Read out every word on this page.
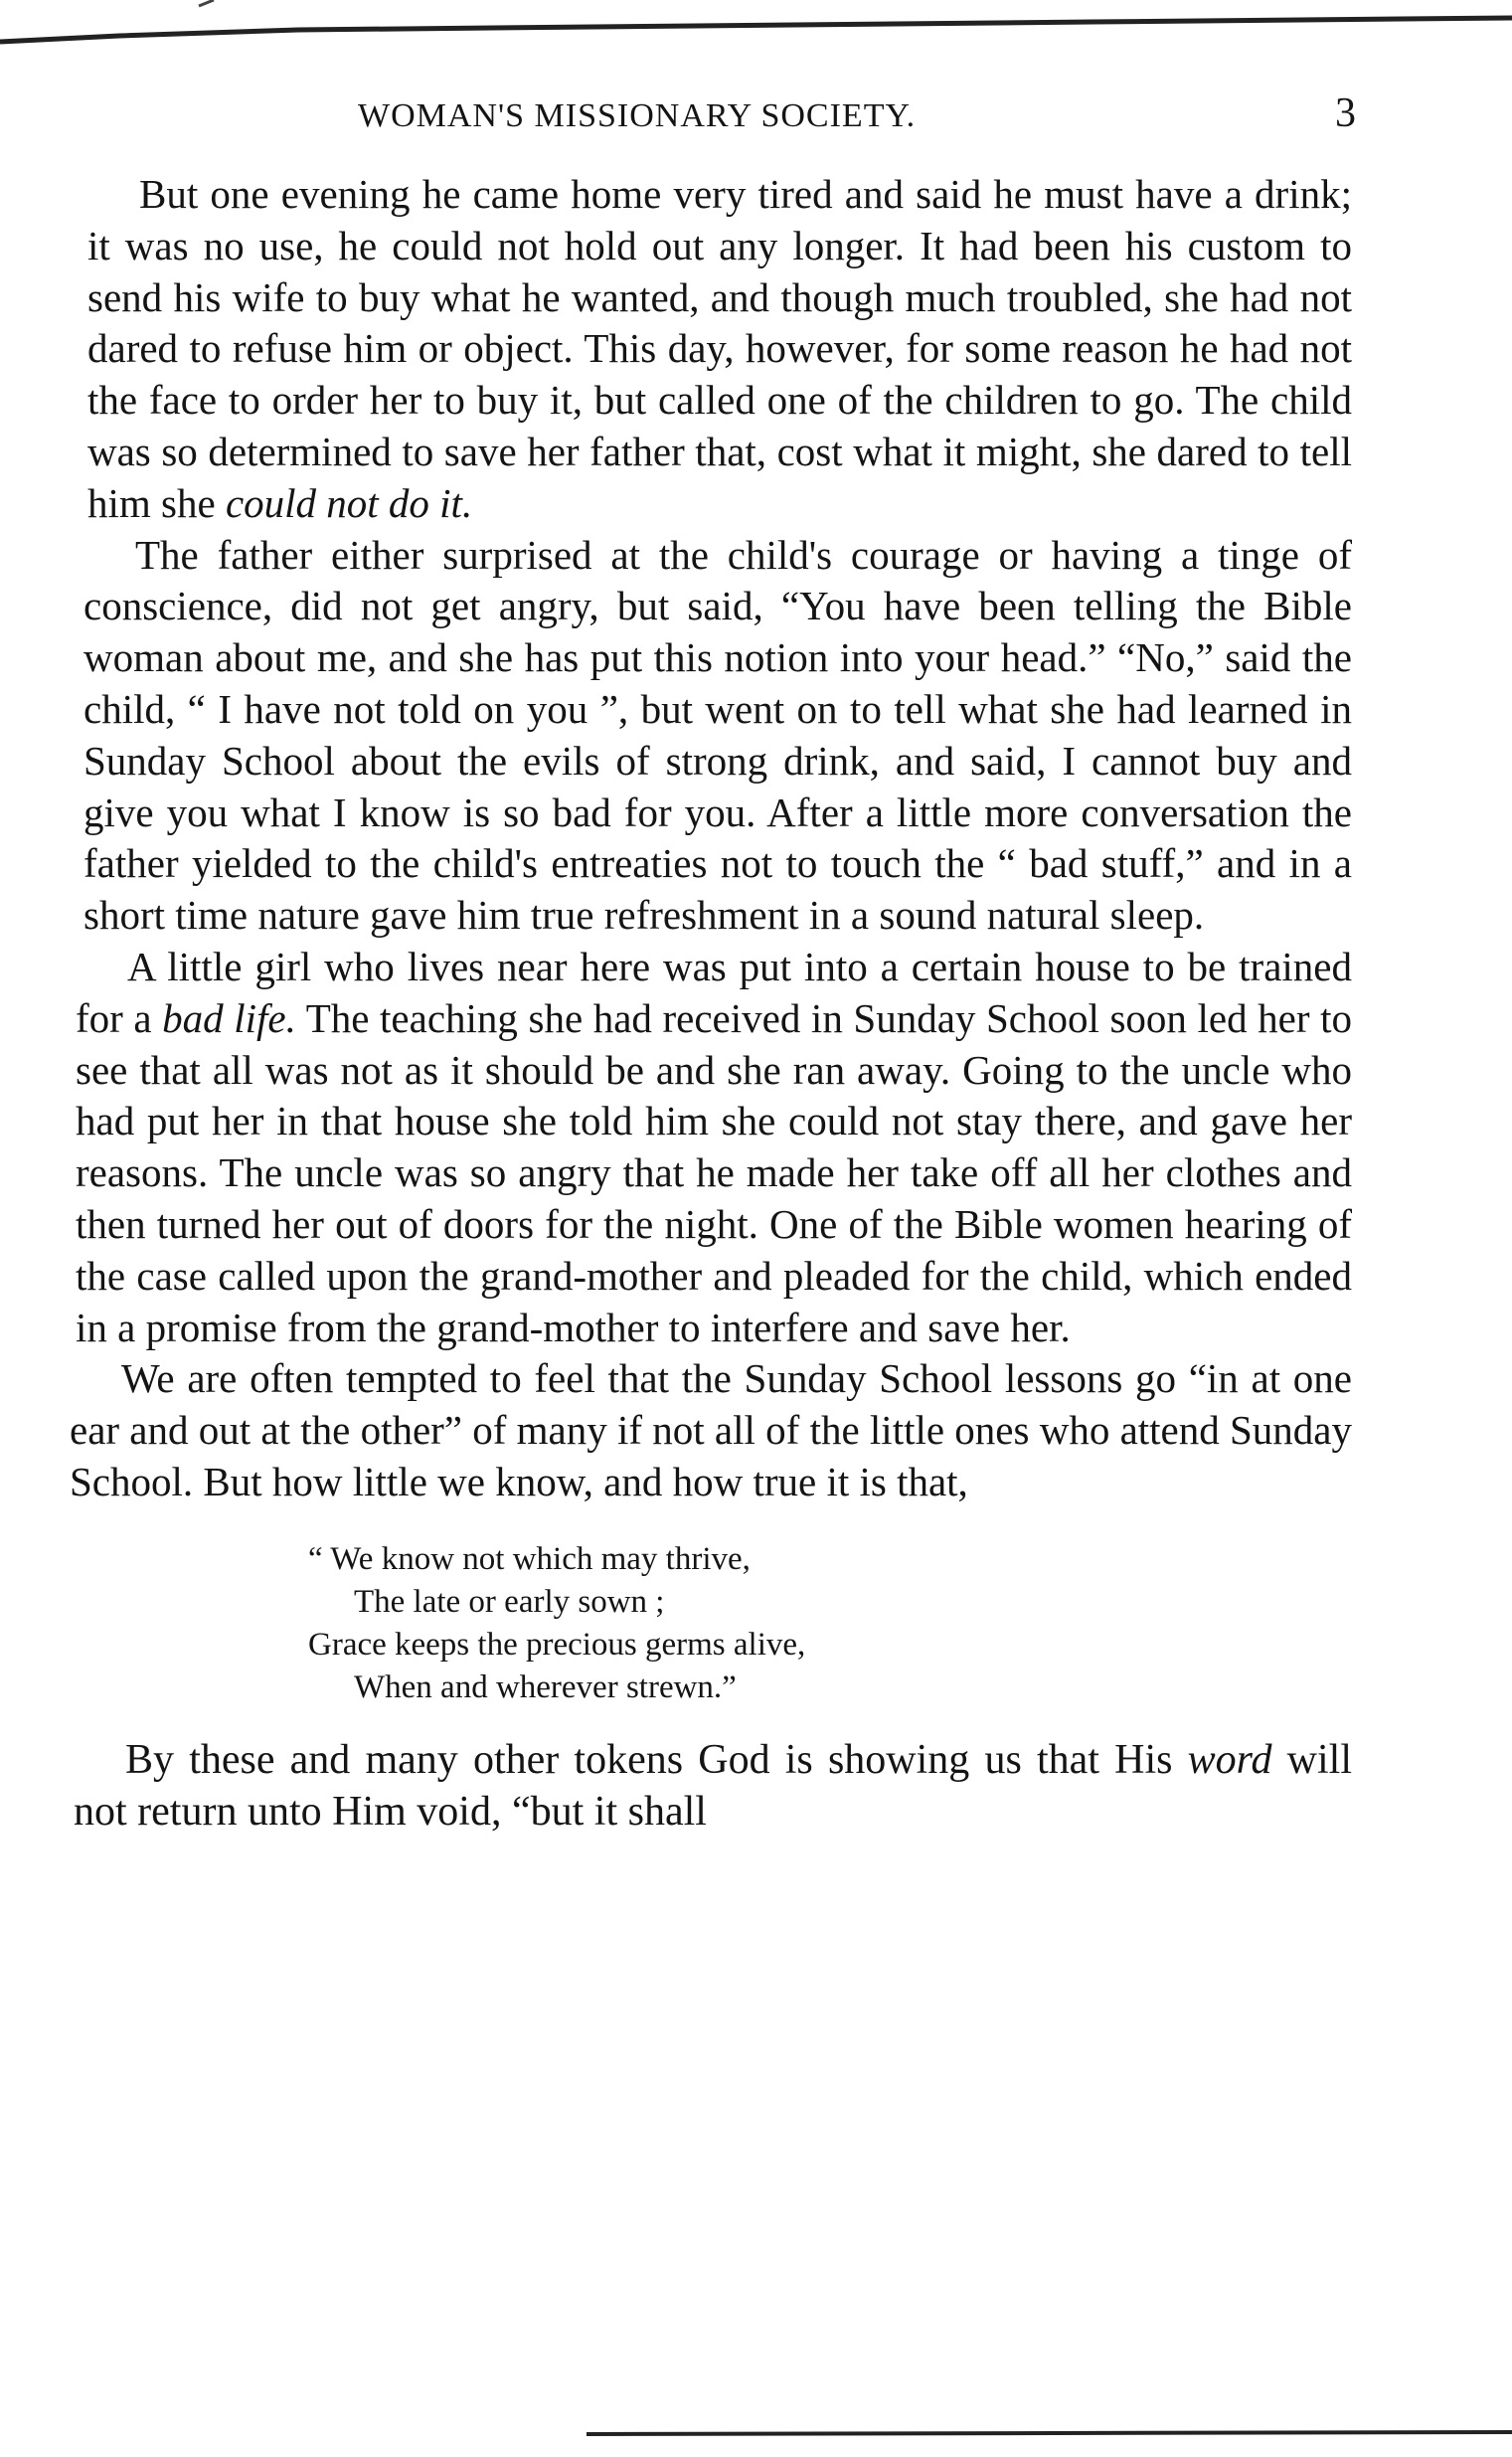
WOMAN'S MISSIONARY SOCIETY.	3

But one evening he came home very tired and said he must have a drink; it was no use, he could not hold out any longer. It had been his custom to send his wife to buy what he wanted, and though much troubled, she had not dared to refuse him or object. This day, however, for some reason he had not the face to order her to buy it, but called one of the children to go. The child was so determined to save her father that, cost what it might, she dared to tell him she could not do it.

The father either surprised at the child's courage or having a tinge of conscience, did not get angry, but said, “You have been telling the Bible woman about me, and she has put this notion into your head.” “No,” said the child, “ I have not told on you ”, but went on to tell what she had learned in Sunday School about the evils of strong drink, and said, I cannot buy and give you what I know is so bad for you. After a little more conversation the father yielded to the child's entreaties not to touch the “ bad stuff,” and in a short time nature gave him true refreshment in a sound natural sleep.

A little girl who lives near here was put into a certain house to be trained for a bad life. The teaching she had received in Sunday School soon led her to see that all was not as it should be and she ran away. Going to the uncle who had put her in that house she told him she could not stay there, and gave her reasons. The uncle was so angry that he made her take off all her clothes and then turned her out of doors for the night. One of the Bible women hearing of the case called upon the grand-mother and pleaded for the child, which ended in a promise from the grand-mother to interfere and save her.

We are often tempted to feel that the Sunday School lessons go “in at one ear and out at the other” of many if not all of the little ones who attend Sunday School. But how little we know, and how true it is that,

“ We know not which may thrive,
The late or early sown ;
Grace keeps the precious germs alive,
When and wherever strewn.”

By these and many other tokens God is showing us that His word will not return unto Him void, “but it shall
